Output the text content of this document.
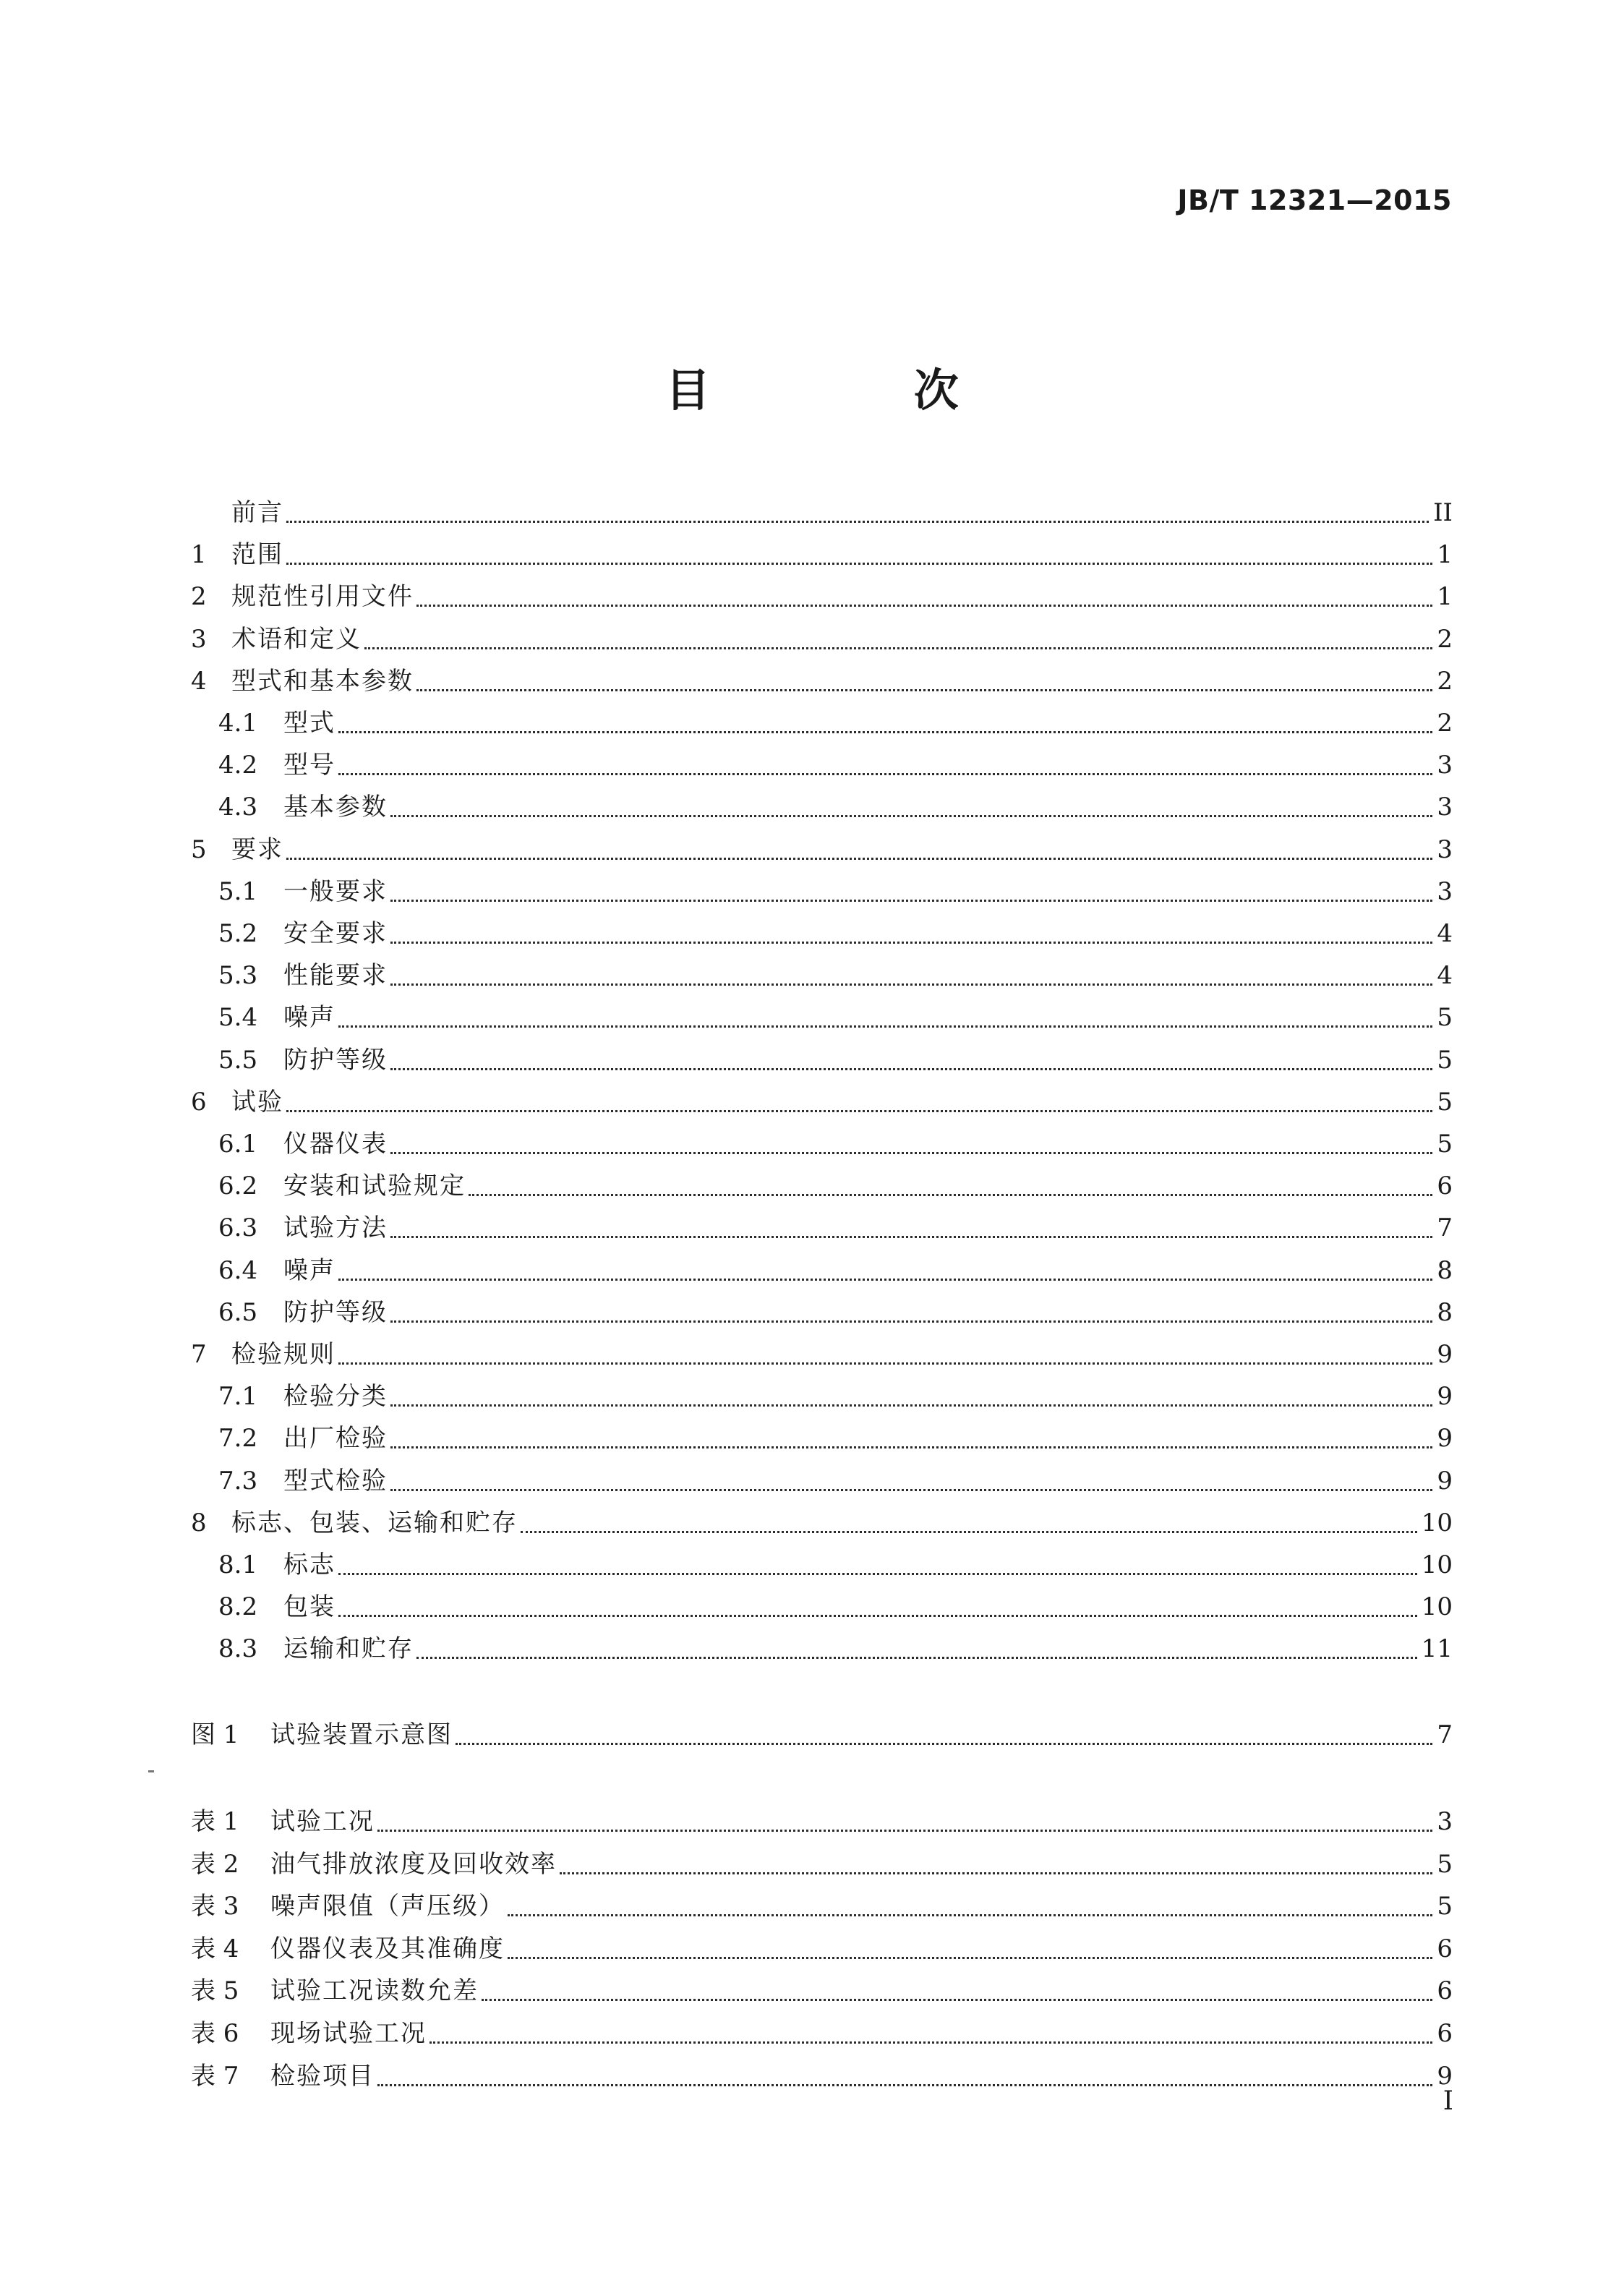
JB/T 12321—2015
目 次
前言	II
1	范围	1
2	规范性引用文件	1
3	术语和定义	2
4	型式和基本参数	2
4.1	型式	2
4.2	型号	3
4.3	基本参数	3
5	要求	3
5.1	一般要求	3
5.2	安全要求	4
5.3	性能要求	4
5.4	噪声	5
5.5	防护等级	5
6	试验	5
6.1	仪器仪表	5
6.2	安装和试验规定	6
6.3	试验方法	7
6.4	噪声	8
6.5	防护等级	8
7	检验规则	9
7.1	检验分类	9
7.2	出厂检验	9
7.3	型式检验	9
8	标志、包装、运输和贮存	10
8.1	标志	10
8.2	包装	10
8.3	运输和贮存	11
图 1	试验装置示意图	7
表 1	试验工况	3
表 2	油气排放浓度及回收效率	5
表 3	噪声限值（声压级）	5
表 4	仪器仪表及其准确度	6
表 5	试验工况读数允差	6
表 6	现场试验工况	6
表 7	检验项目	9
I
